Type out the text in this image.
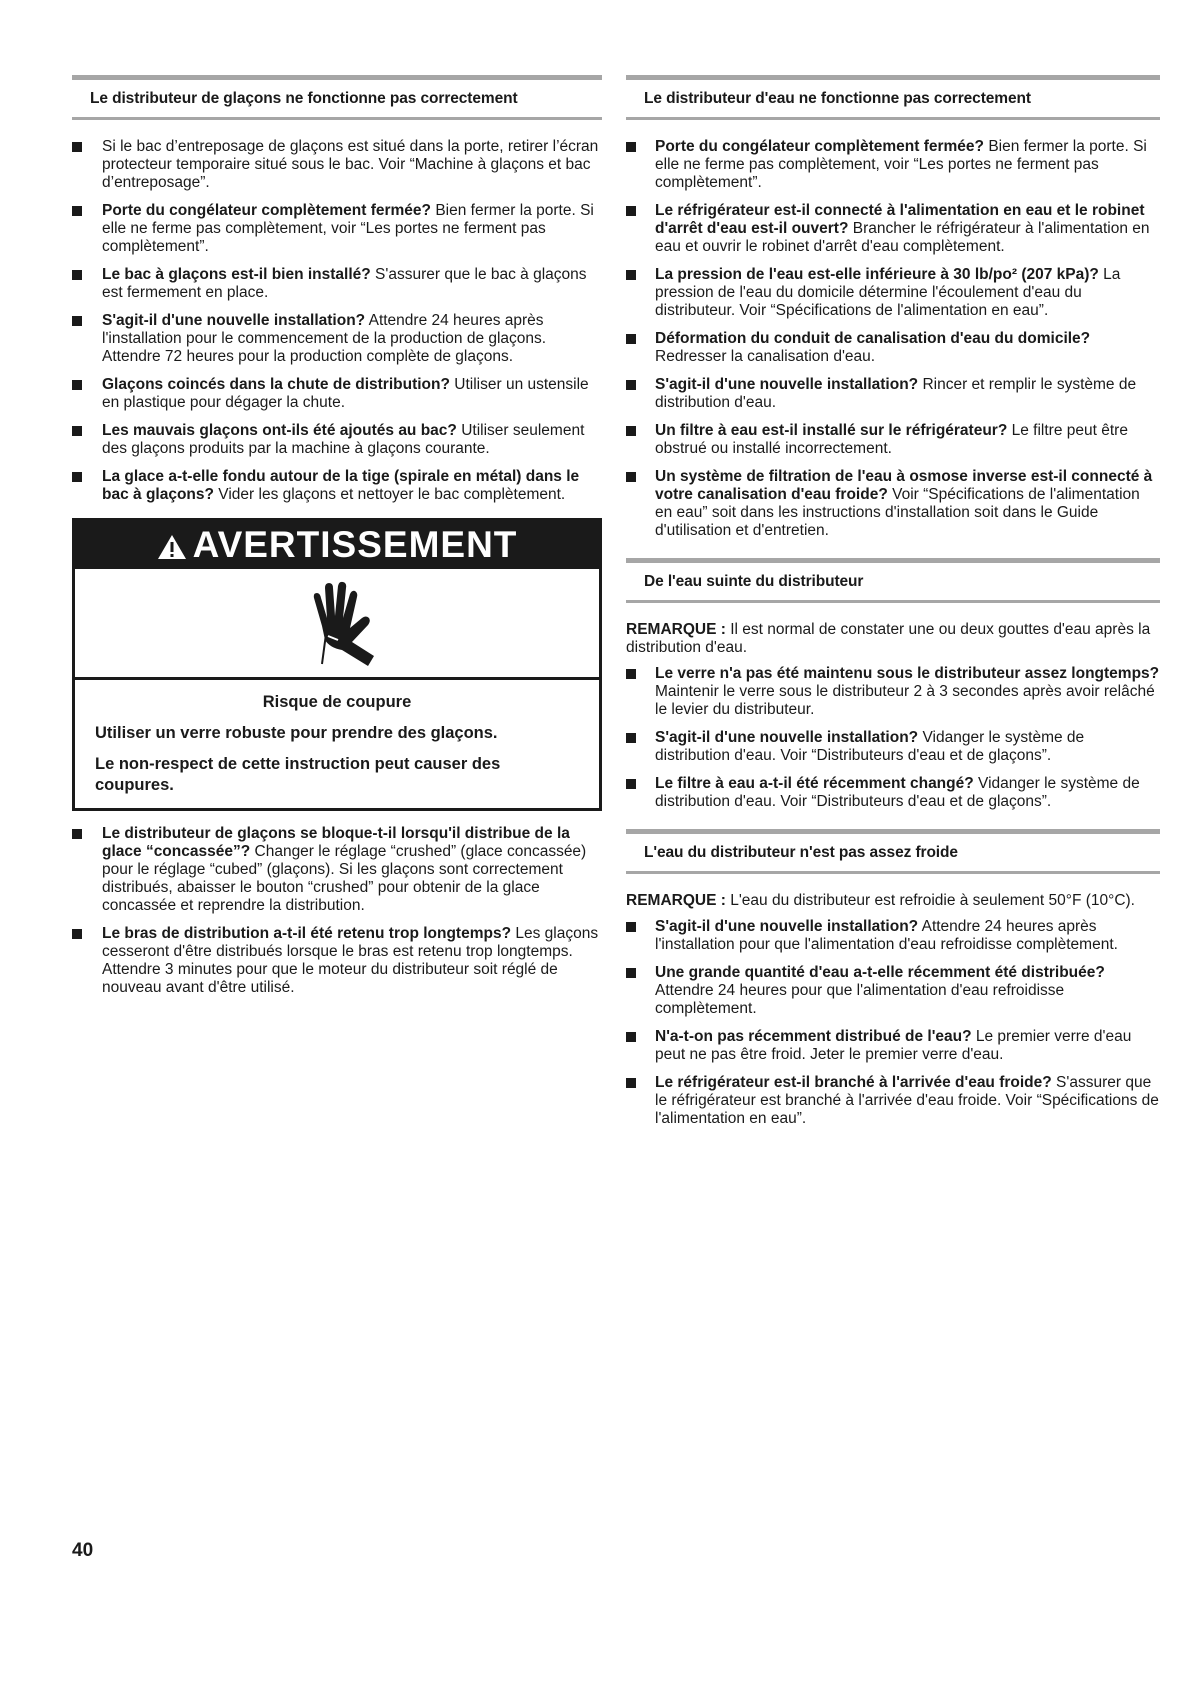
Le distributeur de glaçons ne fonctionne pas correctement
Si le bac d’entreposage de glaçons est situé dans la porte, retirer l’écran protecteur temporaire situé sous le bac. Voir “Machine à glaçons et bac d’entreposage”.
Porte du congélateur complètement fermée? Bien fermer la porte. Si elle ne ferme pas complètement, voir “Les portes ne ferment pas complètement”.
Le bac à glaçons est-il bien installé? S'assurer que le bac à glaçons est fermement en place.
S'agit-il d'une nouvelle installation? Attendre 24 heures après l'installation pour le commencement de la production de glaçons. Attendre 72 heures pour la production complète de glaçons.
Glaçons coincés dans la chute de distribution? Utiliser un ustensile en plastique pour dégager la chute.
Les mauvais glaçons ont-ils été ajoutés au bac? Utiliser seulement des glaçons produits par la machine à glaçons courante.
La glace a-t-elle fondu autour de la tige (spirale en métal) dans le bac à glaçons? Vider les glaçons et nettoyer le bac complètement.
AVERTISSEMENT
Risque de coupure

Utiliser un verre robuste pour prendre des glaçons.

Le non-respect de cette instruction peut causer des coupures.

Le distributeur de glaçons se bloque-t-il lorsqu'il distribue de la glace “concassée”? Changer le réglage “crushed” (glace concassée) pour le réglage “cubed” (glaçons). Si les glaçons sont correctement distribués, abaisser le bouton “crushed” pour obtenir de la glace concassée et reprendre la distribution.
Le bras de distribution a-t-il été retenu trop longtemps? Les glaçons cesseront d'être distribués lorsque le bras est retenu trop longtemps. Attendre 3 minutes pour que le moteur du distributeur soit réglé de nouveau avant d'être utilisé.
Le distributeur d'eau ne fonctionne pas correctement
Porte du congélateur complètement fermée? Bien fermer la porte. Si elle ne ferme pas complètement, voir “Les portes ne ferment pas complètement”.
Le réfrigérateur est-il connecté à l'alimentation en eau et le robinet d'arrêt d'eau est-il ouvert? Brancher le réfrigérateur à l'alimentation en eau et ouvrir le robinet d'arrêt d'eau complètement.
La pression de l'eau est-elle inférieure à 30 lb/po² (207 kPa)? La pression de l'eau du domicile détermine l'écoulement d'eau du distributeur. Voir “Spécifications de l'alimentation en eau”.
Déformation du conduit de canalisation d'eau du domicile? Redresser la canalisation d'eau.
S'agit-il d'une nouvelle installation? Rincer et remplir le système de distribution d'eau.
Un filtre à eau est-il installé sur le réfrigérateur? Le filtre peut être obstrué ou installé incorrectement.
Un système de filtration de l'eau à osmose inverse est-il connecté à votre canalisation d'eau froide? Voir “Spécifications de l'alimentation en eau” soit dans les instructions d'installation soit dans le Guide d'utilisation et d'entretien.
De l'eau suinte du distributeur

REMARQUE : Il est normal de constater une ou deux gouttes d'eau après la distribution d'eau.

Le verre n'a pas été maintenu sous le distributeur assez longtemps? Maintenir le verre sous le distributeur 2 à 3 secondes après avoir relâché le levier du distributeur.
S'agit-il d'une nouvelle installation? Vidanger le système de distribution d'eau. Voir “Distributeurs d'eau et de glaçons”.
Le filtre à eau a-t-il été récemment changé? Vidanger le système de distribution d'eau. Voir “Distributeurs d'eau et de glaçons”.
L'eau du distributeur n'est pas assez froide

REMARQUE : L'eau du distributeur est refroidie à seulement 50°F (10°C).

S'agit-il d'une nouvelle installation? Attendre 24 heures après l'installation pour que l'alimentation d'eau refroidisse complètement.
Une grande quantité d'eau a-t-elle récemment été distribuée? Attendre 24 heures pour que l'alimentation d'eau refroidisse complètement.
N'a-t-on pas récemment distribué de l'eau? Le premier verre d'eau peut ne pas être froid. Jeter le premier verre d'eau.
Le réfrigérateur est-il branché à l'arrivée d'eau froide? S'assurer que le réfrigérateur est branché à l'arrivée d'eau froide. Voir “Spécifications de l'alimentation en eau”.
40
